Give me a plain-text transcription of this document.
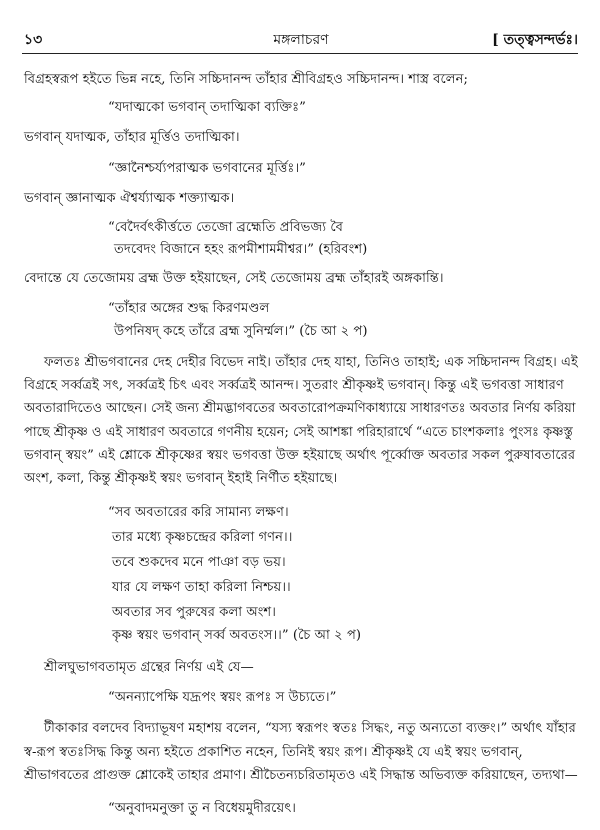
১৩	মঙ্গলাচরণ	[ তত্ত্বসন্দর্ভঃ।
বিগ্রহস্বরূপ হইতে ভিন্ন নহে, তিনি সচ্চিদানন্দ তাঁহার শ্রীবিগ্রহও সচ্চিদানন্দ। শাস্ত্র বলেন;
“যদাত্মকো ভগবান্ তদাত্মিকা ব্যক্তিঃ”
ভগবান্ যদাত্মক, তাঁহার মূর্ত্তিও তদাত্মিকা।
“জ্ঞানৈশ্চর্য্যপরাত্মক ভগবানের মূর্ত্তিঃ।”
ভগবান্ জ্ঞানাত্মক ঐশ্বর্য্যাত্মক শক্ত্যাত্মক।
“বেদৈর্বৎকীর্ত্ততে তেজো ব্রহ্মেতি প্রবিভজ্য বৈ
তদবেদং বিজানে হহং রূপমীশামমীশ্বর।” (হরিবংশ)
বেদান্তে যে তেজোময় ব্রহ্ম উক্ত হইয়াছেন, সেই তেজোময় ব্রহ্ম তাঁহারই অঙ্গকান্তি।
“তাঁহার অঙ্গের শুদ্ধ কিরণমণ্ডল
উপনিষদ্ কহে তাঁরে ব্রহ্ম সুনির্ম্মল।” (চৈ আ ২ প)
ফলতঃ শ্রীভগবানের দেহ দেহীর বিভেদ নাই। তাঁহার দেহ যাহা, তিনিও তাহাই; এক সচ্চিদানন্দ বিগ্রহ। এই
বিগ্রহে সর্ব্বত্রই সৎ, সর্ব্বত্রই চিৎ এবং সর্ব্বত্রই আনন্দ। সুতরাং শ্রীকৃষ্ণই ভগবান্। কিন্তু এই ভগবত্তা সাধারণ
অবতারাদিতেও আছেন। সেই জন্য শ্রীমদ্ভাগবতের অবতারোপক্রমণিকাধ্যায়ে সাধারণতঃ অবতার নির্ণয় করিয়া
পাছে শ্রীকৃষ্ণ ও এই সাধারণ অবতারে গণনীয় হয়েন; সেই আশঙ্কা পরিহারার্থে “এতে চাংশকলাঃ পুংসঃ কৃষ্ণস্তু
ভগবান্ স্বয়ং” এই শ্লোকে শ্রীকৃষ্ণের স্বয়ং ভগবত্তা উক্ত হইয়াছে অর্থাৎ পূর্ব্বোক্ত অবতার সকল পুরুষাবতারের
অংশ, কলা, কিন্তু শ্রীকৃষ্ণই স্বয়ং ভগবান্ ইহাই নির্ণীত হইয়াছে।
“সব অবতারের করি সামান্য লক্ষণ।
তার মধ্যে কৃষ্ণচন্দ্রের করিলা গণন।।
তবে শুকদেব মনে পাঞা বড় ভয়।
যার যে লক্ষণ তাহা করিলা নিশ্চয়।।
অবতার সব পুরুষের কলা অংশ।
কৃষ্ণ স্বয়ং ভগবান্ সর্ব্ব অবতংস।।” (চৈ আ ২ প)
শ্রীলঘুভাগবতামৃত গ্রন্থের নির্ণয় এই যে—
“অনন্যাপেক্ষি যদ্রূপং স্বয়ং রূপঃ স উচ্যতে।”
টীকাকার বলদেব বিদ্যাভূষণ মহাশয় বলেন, “যস্য স্বরূপং স্বতঃ সিদ্ধং, নতু অন্যতো ব্যক্তং।” অর্থাৎ যাঁহার
স্ব-রূপ স্বতঃসিদ্ধ কিন্তু অন্য হইতে প্রকাশিত নহেন, তিনিই স্বয়ং রূপ। শ্রীকৃষ্ণই যে এই স্বয়ং ভগবান্,
শ্রীভাগবতের প্রাগুক্ত শ্লোকেই তাহার প্রমাণ। শ্রীচৈতন্যচরিতামৃতও এই সিদ্ধান্ত অভিব্যক্ত করিয়াছেন, তদ্যথা—
“অনুবাদমনুক্তা তু ন বিধেয়মুদীরয়েৎ।
